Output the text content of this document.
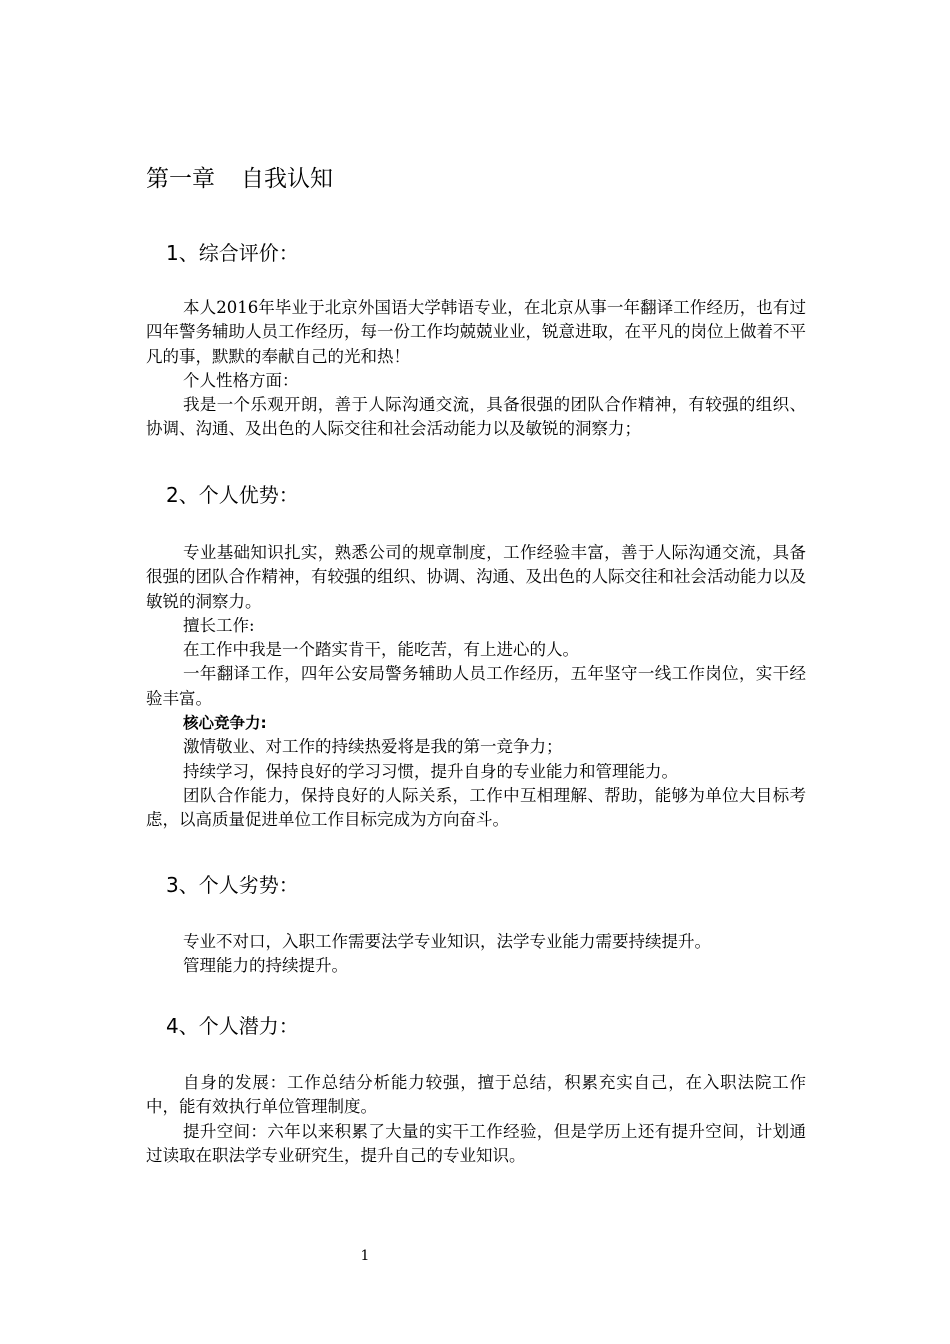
第一章 自我认知
1、综合评价：

本人2016年毕业于北京外国语大学韩语专业，在北京从事一年翻译工作经历，也有过四年警务辅助人员工作经历，每一份工作均兢兢业业，锐意进取，在平凡的岗位上做着不平凡的事，默默的奉献自己的光和热！

个人性格方面：

我是一个乐观开朗，善于人际沟通交流，具备很强的团队合作精神，有较强的组织、协调、沟通、及出色的人际交往和社会活动能力以及敏锐的洞察力；

2、个人优势：

专业基础知识扎实，熟悉公司的规章制度，工作经验丰富，善于人际沟通交流，具备很强的团队合作精神，有较强的组织、协调、沟通、及出色的人际交往和社会活动能力以及敏锐的洞察力。

擅长工作:

在工作中我是一个踏实肯干，能吃苦，有上进心的人。

一年翻译工作，四年公安局警务辅助人员工作经历，五年坚守一线工作岗位，实干经验丰富。

核心竞争力:

激情敬业、对工作的持续热爱将是我的第一竞争力；

持续学习，保持良好的学习习惯，提升自身的专业能力和管理能力。

团队合作能力，保持良好的人际关系，工作中互相理解、帮助，能够为单位大目标考虑，以高质量促进单位工作目标完成为方向奋斗。

3、个人劣势：

专业不对口，入职工作需要法学专业知识，法学专业能力需要持续提升。

管理能力的持续提升。

4、个人潜力：

自身的发展：工作总结分析能力较强，擅于总结，积累充实自己，在入职法院工作中，能有效执行单位管理制度。

提升空间：六年以来积累了大量的实干工作经验，但是学历上还有提升空间，计划通过读取在职法学专业研究生，提升自己的专业知识。

1
